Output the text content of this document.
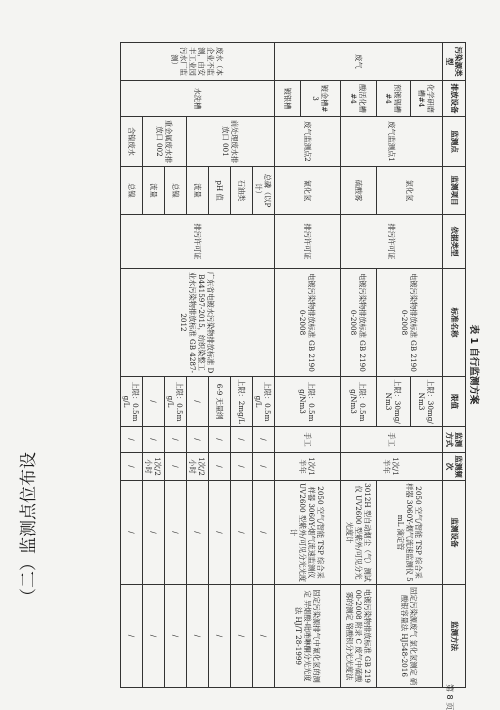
（二）监测点位布设
表 1 自行监测方案
污染源类型	排放设备	监测点	监测项目	依据类型	标准名称	限值	监测方式	监测频次	监测设备	监测方法
废气	化学研磨槽#4	废气监测点1	氯化氢	排污许可证	电镀污染物排放标准 GB 21900-2008	上限：30mg/Nm3	手工	1次/1半年	2050 空气/智能 TSP 综合采样器 3060Y-烟气流速监测仪 5mL 滴定管	固定污染源废气 氯化氢测定 硝酸银容量法 HJ548-2016
	预镀锡槽#4					上限：30mg/Nm3				
	酸活化槽#4		硫酸雾		电镀污染物排放标准 GB 21900-2008	上限：0.5mg/Nm3			3012H 型自动烟尘（气）测试仪 UV2600 型紫外/可见分光光度计	电镀污染物排放标准 GB 21900-2008 附录 C 废气中硫酸雾的测定 铬酸钡分光光度法
	镀金槽#3	废气监测点2	氰化氢	排污许可证	电镀污染物排放标准 GB 21900-2008	上限：0.5mg/Nm3	手工	1次/1半年	2050 空气/智能 TSP 综合采样器 3060Y-烟气流速监测仪 UV2600 型紫外/可见分光光度计	固定污染源排气中氰化氢的测定 异烟酸-吡唑啉酮分光光度法 HJ/T 28-1999
	镀银槽									
废水（本企业不监测，由安丰工业园污水厂监测）	水洗槽	前处理废水排放口 001	总磷（以P计）	排污许可证	广东省电镀水污染物排放标准 DB441597-2015，纺织染整工业水污染物排放标准 GB 4287-2012	上限：0.5mg/L	/	/	/	/
			石油类			上限：2mg/L	/	/	/	/
			pH 值			6-9 无量纲	/	/	/	/
			流量			/	/	1次/2小时	/	/
		重金属废水排放口 002	总镍			上限：0.5mg/L	/	/	/	/
			流量			/	/	1次/2小时	/	/
		含镍废水	总镍			上限：0.5mg/L	/	/	/	/
第 8 页
